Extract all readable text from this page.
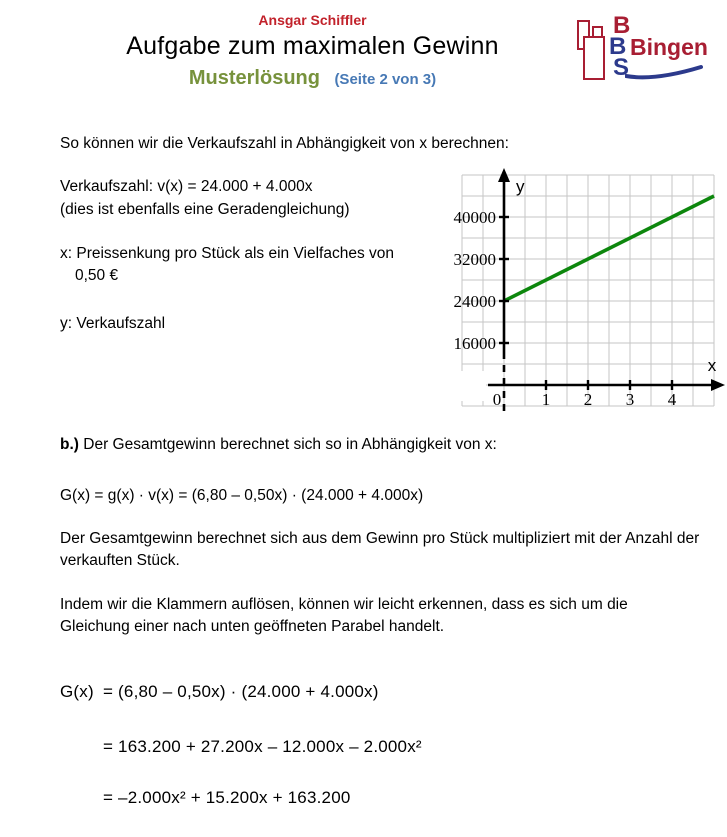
Ansgar Schiffler
Aufgabe zum maximalen Gewinn
Musterlösung (Seite 2 von 3)
B
B
S
Bingen
So können wir die Verkaufszahl in Abhängigkeit von x berechnen:
Verkaufszahl: v(x) = 24.000 + 4.000x
(dies ist ebenfalls eine Geradengleichung)
x: Preissenkung pro Stück als ein Vielfaches von
0,50 €
y: Verkaufszahl
16000
24000
32000
40000
0 1 2 3 4
y
x
b.) Der Gesamtgewinn berechnet sich so in Abhängigkeit von x:
G(x) = g(x) · v(x) = (6,80 – 0,50x) · (24.000 + 4.000x)
Der Gesamtgewinn berechnet sich aus dem Gewinn pro Stück multipliziert mit der Anzahl der verkauften Stück.
Indem wir die Klammern auflösen, können wir leicht erkennen, dass es sich um die Gleichung einer nach unten geöffneten Parabel handelt.
G(x) = (6,80 – 0,50x) · (24.000 + 4.000x)
= 163.200 + 27.200x – 12.000x – 2.000x²
= –2.000x² + 15.200x + 163.200
